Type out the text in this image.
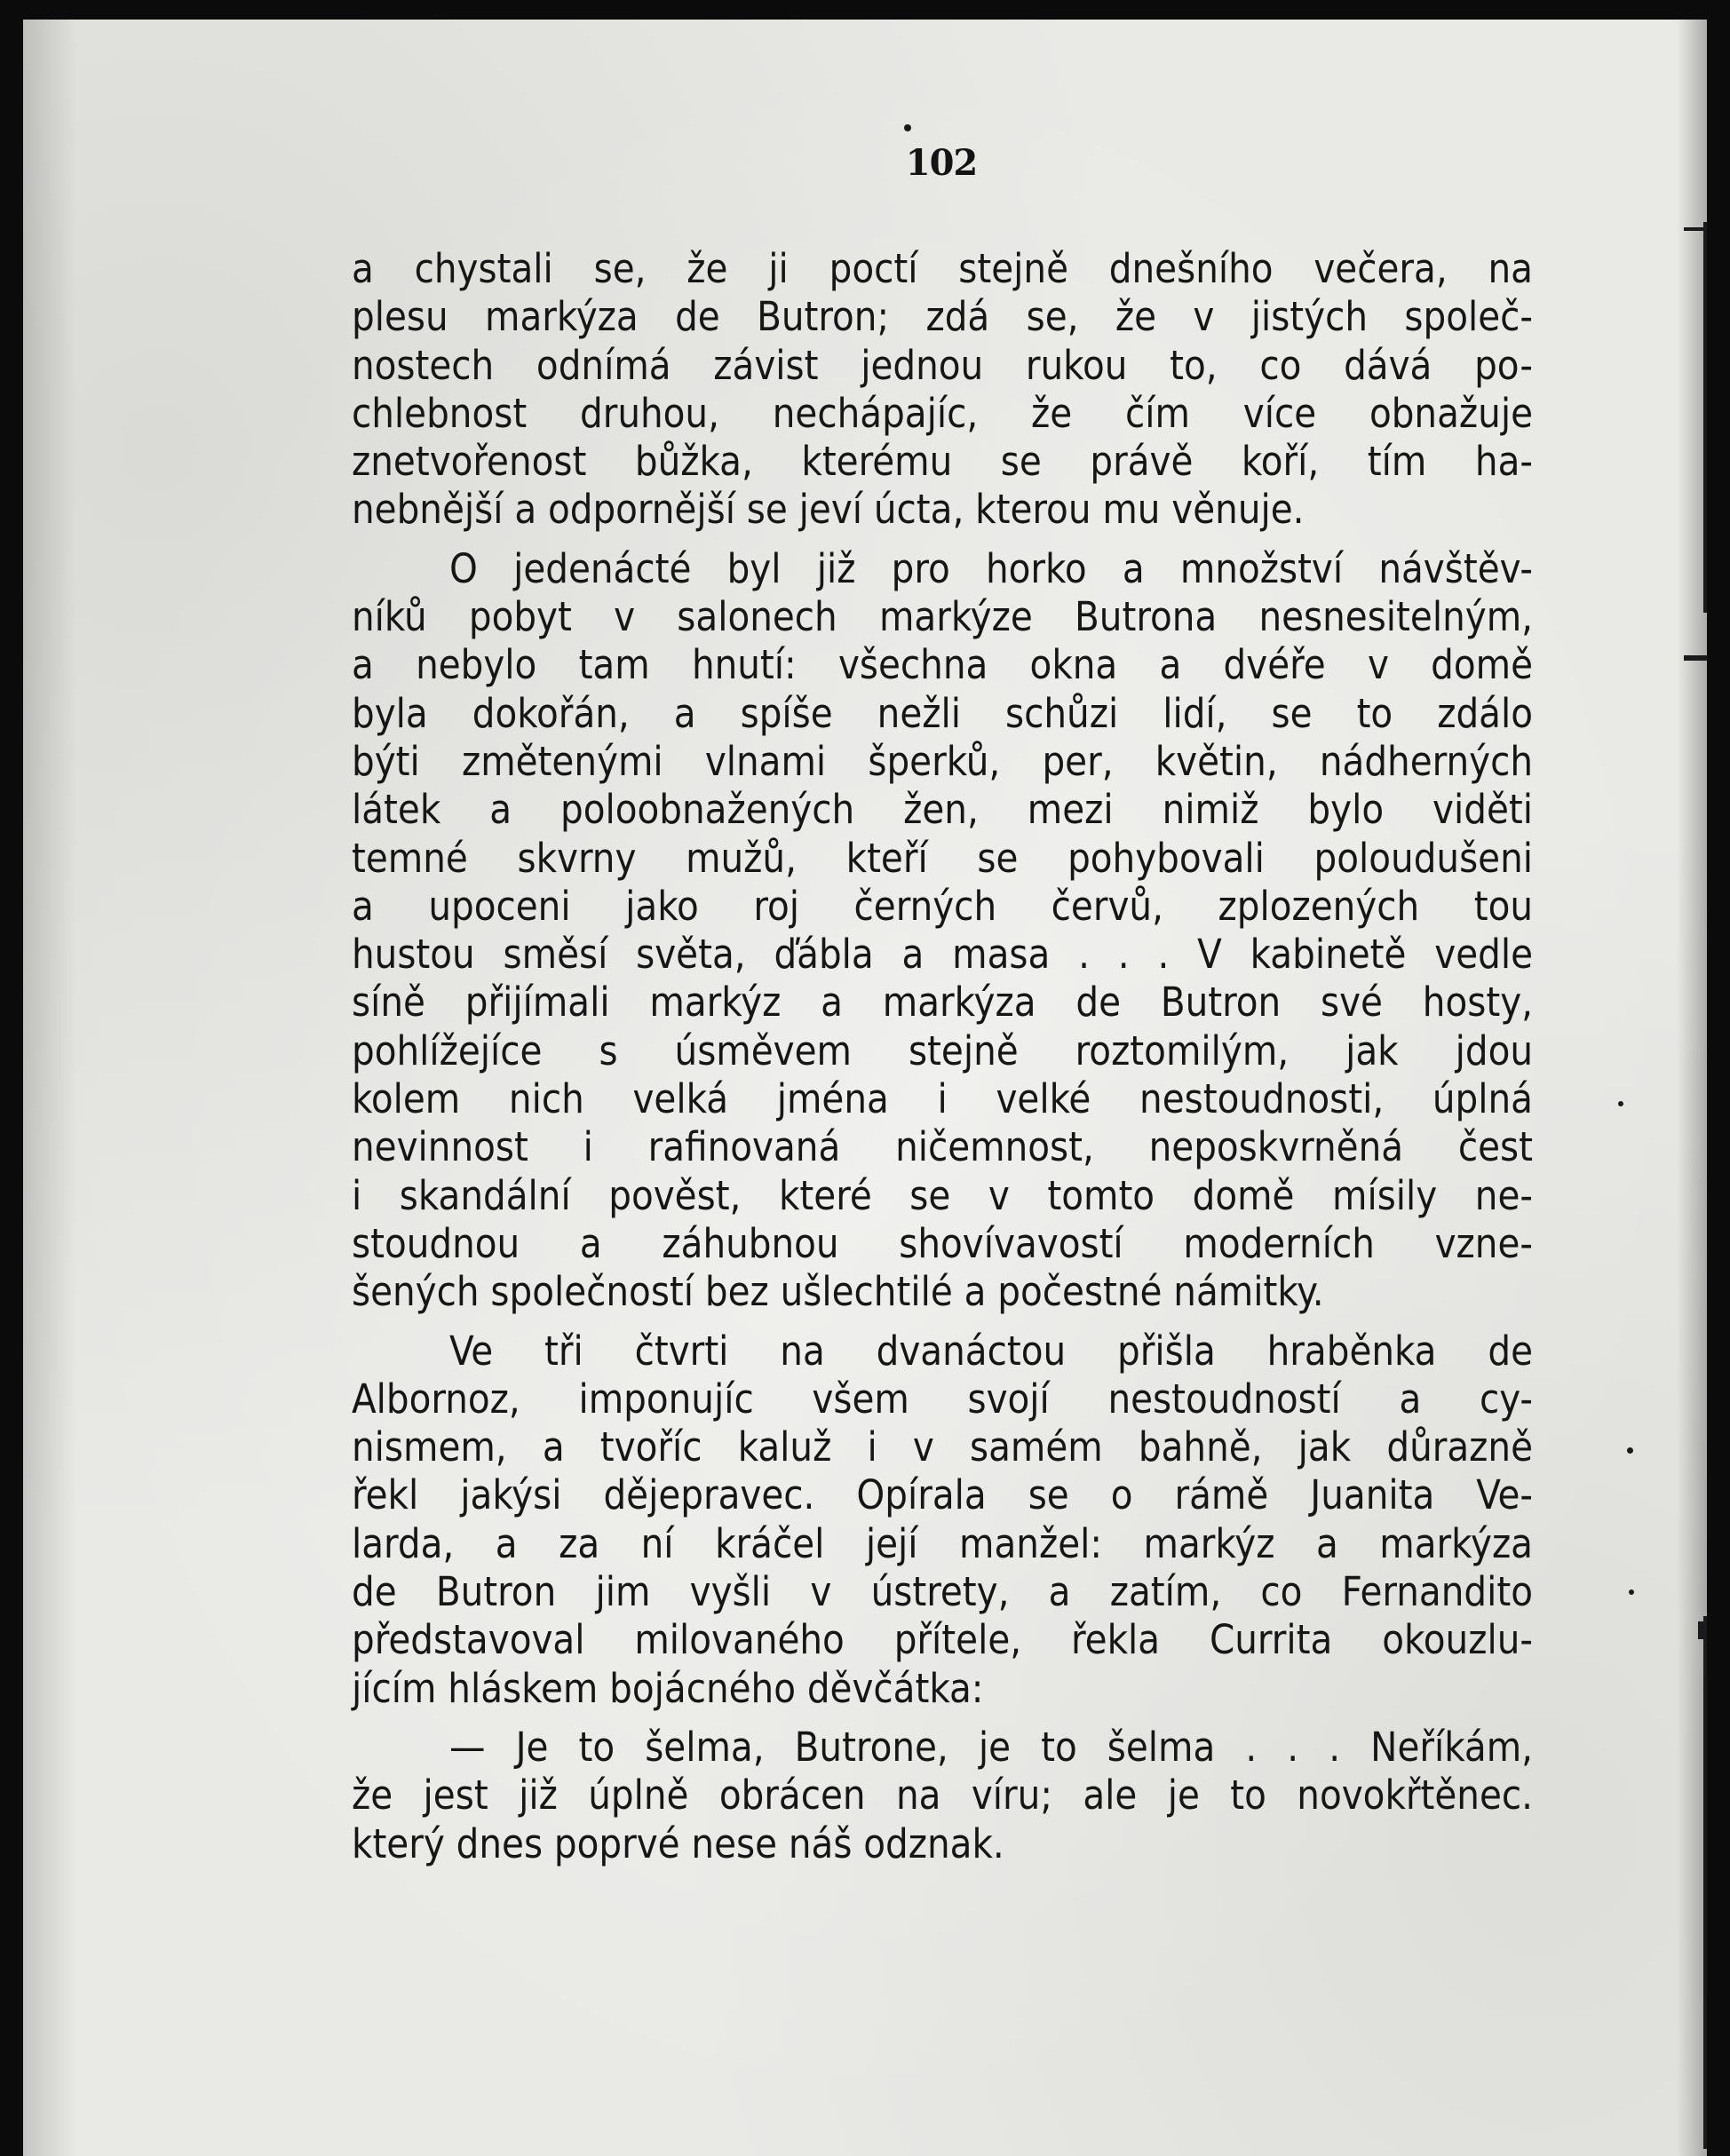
102

a chystali se, že ji poctí stejně dnešního večera, na
plesu markýza de Butron; zdá se, že v jistých společ-
nostech odnímá závist jednou rukou to, co dává po-
chlebnost druhou, nechápajíc, že čím více obnažuje
znetvořenost bůžka, kterému se právě koří, tím ha-
nebnější a odpornější se jeví úcta, kterou mu věnuje.

O jedenácté byl již pro horko a množství návštěv-
níků pobyt v salonech markýze Butrona nesnesitelným,
a nebylo tam hnutí: všechna okna a dvéře v domě
byla dokořán, a spíše nežli schůzi lidí, se to zdálo
býti změtenými vlnami šperků, per, květin, nádherných
látek a poloobnažených žen, mezi nimiž bylo viděti
temné skvrny mužů, kteří se pohybovali poloudušeni
a upoceni jako roj černých červů, zplozených tou
hustou směsí světa, ďábla a masa . . . V kabinetě vedle
síně přijímali markýz a markýza de Butron své hosty,
pohlížejíce s úsměvem stejně roztomilým, jak jdou
kolem nich velká jména i velké nestoudnosti, úplná
nevinnost i rafinovaná ničemnost, neposkvrněná čest
i skandální pověst, které se v tomto domě mísily ne-
stoudnou a záhubnou shovívavostí moderních vzne-
šených společností bez ušlechtilé a počestné námitky.

Ve tři čtvrti na dvanáctou přišla hraběnka de
Albornoz, imponujíc všem svojí nestoudností a cy-
nismem, a tvoříc kaluž i v samém bahně, jak důrazně
řekl jakýsi dějepravec. Opírala se o rámě Juanita Ve-
larda, a za ní kráčel její manžel: markýz a markýza
de Butron jim vyšli v ústrety, a zatím, co Fernandito
představoval milovaného přítele, řekla Currita okouzlu-
jícím hláskem bojácného děvčátka:

— Je to šelma, Butrone, je to šelma . . . Neříkám,
že jest již úplně obrácen na víru; ale je to novokřtěnec.
který dnes poprvé nese náš odznak.
